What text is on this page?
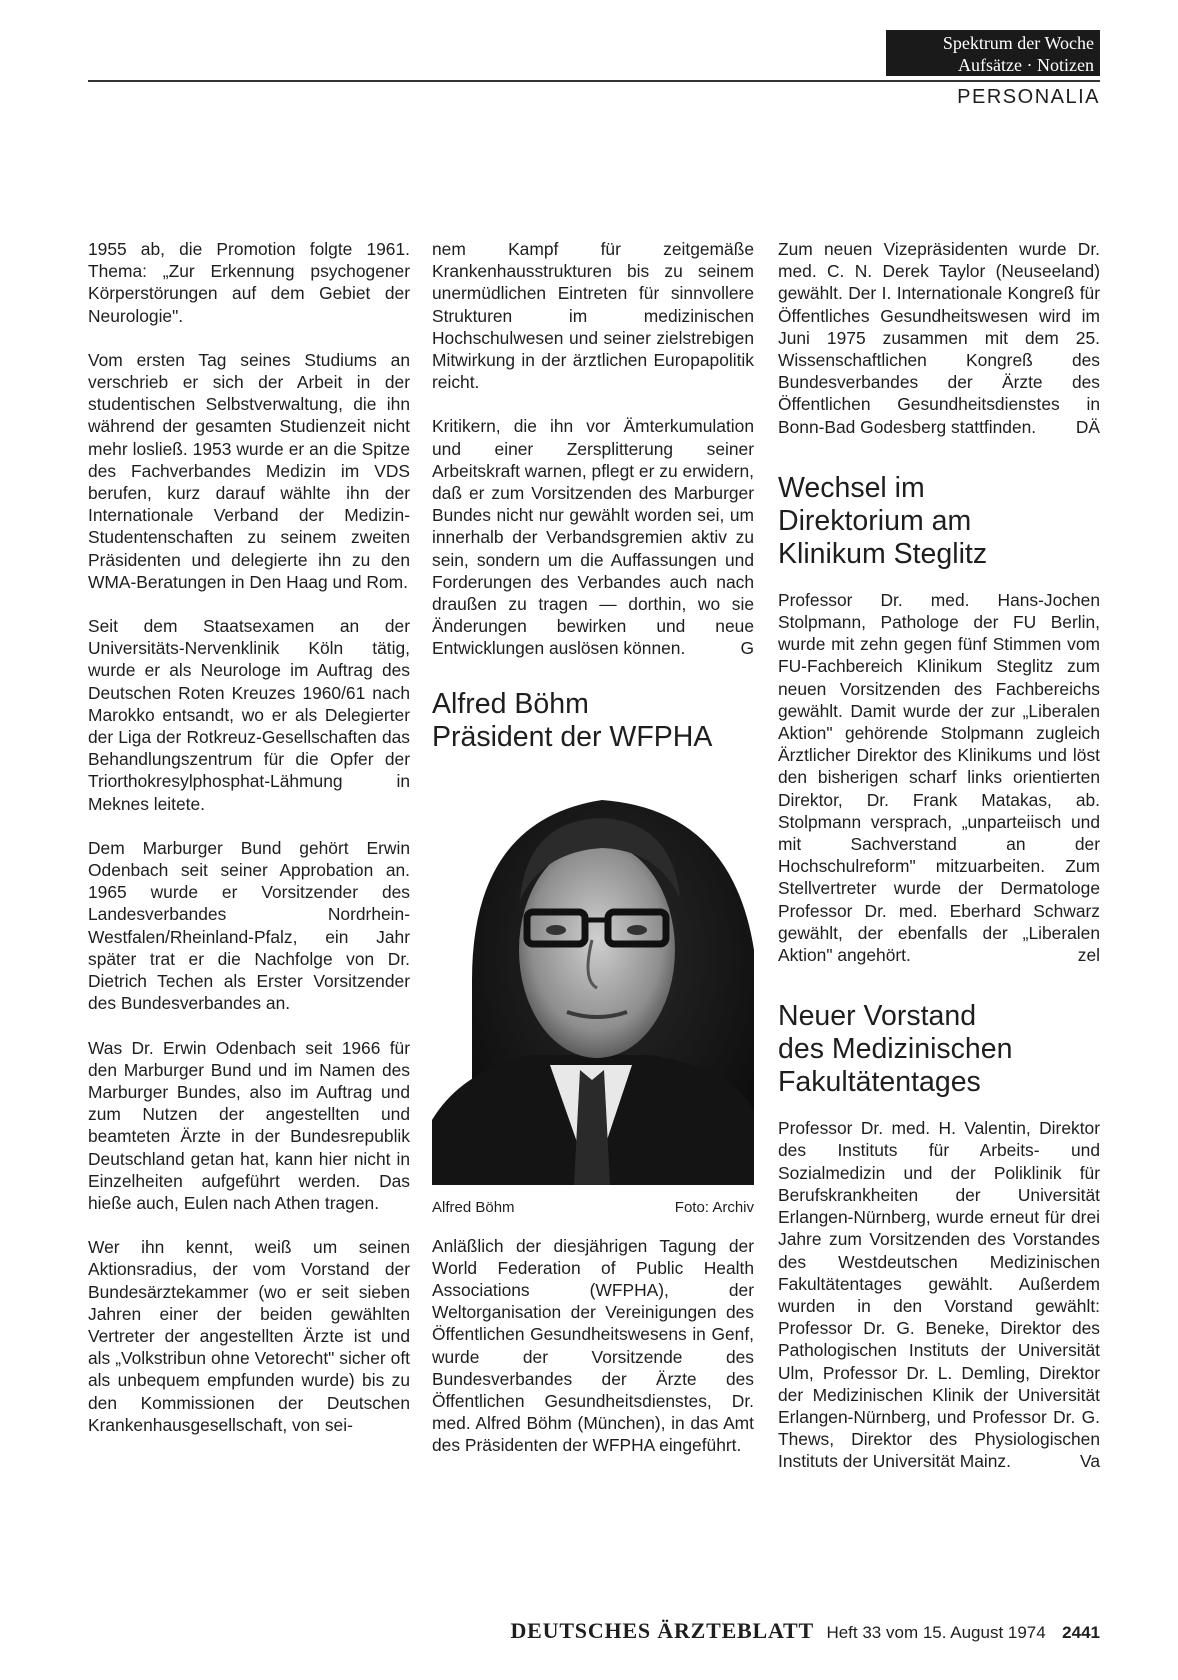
Spektrum der Woche
Aufsätze · Notizen
PERSONALIA

1955 ab, die Promotion folgte 1961. Thema: „Zur Erkennung psychogener Körperstörungen auf dem Gebiet der Neurologie".

Vom ersten Tag seines Studiums an verschrieb er sich der Arbeit in der studentischen Selbstverwaltung, die ihn während der gesamten Studienzeit nicht mehr losließ. 1953 wurde er an die Spitze des Fachverbandes Medizin im VDS berufen, kurz darauf wählte ihn der Internationale Verband der Medizin-Studentenschaften zu seinem zweiten Präsidenten und delegierte ihn zu den WMA-Beratungen in Den Haag und Rom.

Seit dem Staatsexamen an der Universitäts-Nervenklinik Köln tätig, wurde er als Neurologe im Auftrag des Deutschen Roten Kreuzes 1960/61 nach Marokko entsandt, wo er als Delegierter der Liga der Rotkreuz-Gesellschaften das Behandlungszentrum für die Opfer der Triorthokresylphosphat-Lähmung in Meknes leitete.

Dem Marburger Bund gehört Erwin Odenbach seit seiner Approbation an. 1965 wurde er Vorsitzender des Landesverbandes Nordrhein-Westfalen/Rheinland-Pfalz, ein Jahr später trat er die Nachfolge von Dr. Dietrich Techen als Erster Vorsitzender des Bundesverbandes an.

Was Dr. Erwin Odenbach seit 1966 für den Marburger Bund und im Namen des Marburger Bundes, also im Auftrag und zum Nutzen der angestellten und beamteten Ärzte in der Bundesrepublik Deutschland getan hat, kann hier nicht in Einzelheiten aufgeführt werden. Das hieße auch, Eulen nach Athen tragen.

Wer ihn kennt, weiß um seinen Aktionsradius, der vom Vorstand der Bundesärztekammer (wo er seit sieben Jahren einer der beiden gewählten Vertreter der angestellten Ärzte ist und als „Volkstribun ohne Vetorecht" sicher oft als unbequem empfunden wurde) bis zu den Kommissionen der Deutschen Krankenhausgesellschaft, von sei-

nem Kampf für zeitgemäße Krankenhausstrukturen bis zu seinem unermüdlichen Eintreten für sinnvollere Strukturen im medizinischen Hochschulwesen und seiner zielstrebigen Mitwirkung in der ärztlichen Europapolitik reicht.

Kritikern, die ihn vor Ämterkumulation und einer Zersplitterung seiner Arbeitskraft warnen, pflegt er zu erwidern, daß er zum Vorsitzenden des Marburger Bundes nicht nur gewählt worden sei, um innerhalb der Verbandsgremien aktiv zu sein, sondern um die Auffassungen und Forderungen des Verbandes auch nach draußen zu tragen — dorthin, wo sie Änderungen bewirken und neue Entwicklungen auslösen können.	G

Alfred Böhm
Präsident der WFPHA
Alfred Böhm	Foto: Archiv

Anläßlich der diesjährigen Tagung der World Federation of Public Health Associations (WFPHA), der Weltorganisation der Vereinigungen des Öffentlichen Gesundheitswesens in Genf, wurde der Vorsitzende des Bundesverbandes der Ärzte des Öffentlichen Gesundheitsdienstes, Dr. med. Alfred Böhm (München), in das Amt des Präsidenten der WFPHA eingeführt.

Zum neuen Vizepräsidenten wurde Dr. med. C. N. Derek Taylor (Neuseeland) gewählt. Der I. Internationale Kongreß für Öffentliches Gesundheitswesen wird im Juni 1975 zusammen mit dem 25. Wissenschaftlichen Kongreß des Bundesverbandes der Ärzte des Öffentlichen Gesundheitsdienstes in Bonn-Bad Godesberg stattfinden. DÄ

Wechsel im
Direktorium am
Klinikum Steglitz

Professor Dr. med. Hans-Jochen Stolpmann, Pathologe der FU Berlin, wurde mit zehn gegen fünf Stimmen vom FU-Fachbereich Klinikum Steglitz zum neuen Vorsitzenden des Fachbereichs gewählt. Damit wurde der zur „Liberalen Aktion" gehörende Stolpmann zugleich Ärztlicher Direktor des Klinikums und löst den bisherigen scharf links orientierten Direktor, Dr. Frank Matakas, ab. Stolpmann versprach, „unparteiisch und mit Sachverstand an der Hochschulreform" mitzuarbeiten. Zum Stellvertreter wurde der Dermatologe Professor Dr. med. Eberhard Schwarz gewählt, der ebenfalls der „Liberalen Aktion" angehört.	zel

Neuer Vorstand
des Medizinischen
Fakultätentages

Professor Dr. med. H. Valentin, Direktor des Instituts für Arbeits- und Sozialmedizin und der Poliklinik für Berufskrankheiten der Universität Erlangen-Nürnberg, wurde erneut für drei Jahre zum Vorsitzenden des Vorstandes des Westdeutschen Medizinischen Fakultätentages gewählt. Außerdem wurden in den Vorstand gewählt: Professor Dr. G. Beneke, Direktor des Pathologischen Instituts der Universität Ulm, Professor Dr. L. Demling, Direktor der Medizinischen Klinik der Universität Erlangen-Nürnberg, und Professor Dr. G. Thews, Direktor des Physiologischen Instituts der Universität Mainz.	Va

DEUTSCHES ÄRZTEBLATT Heft 33 vom 15. August 1974 2441
